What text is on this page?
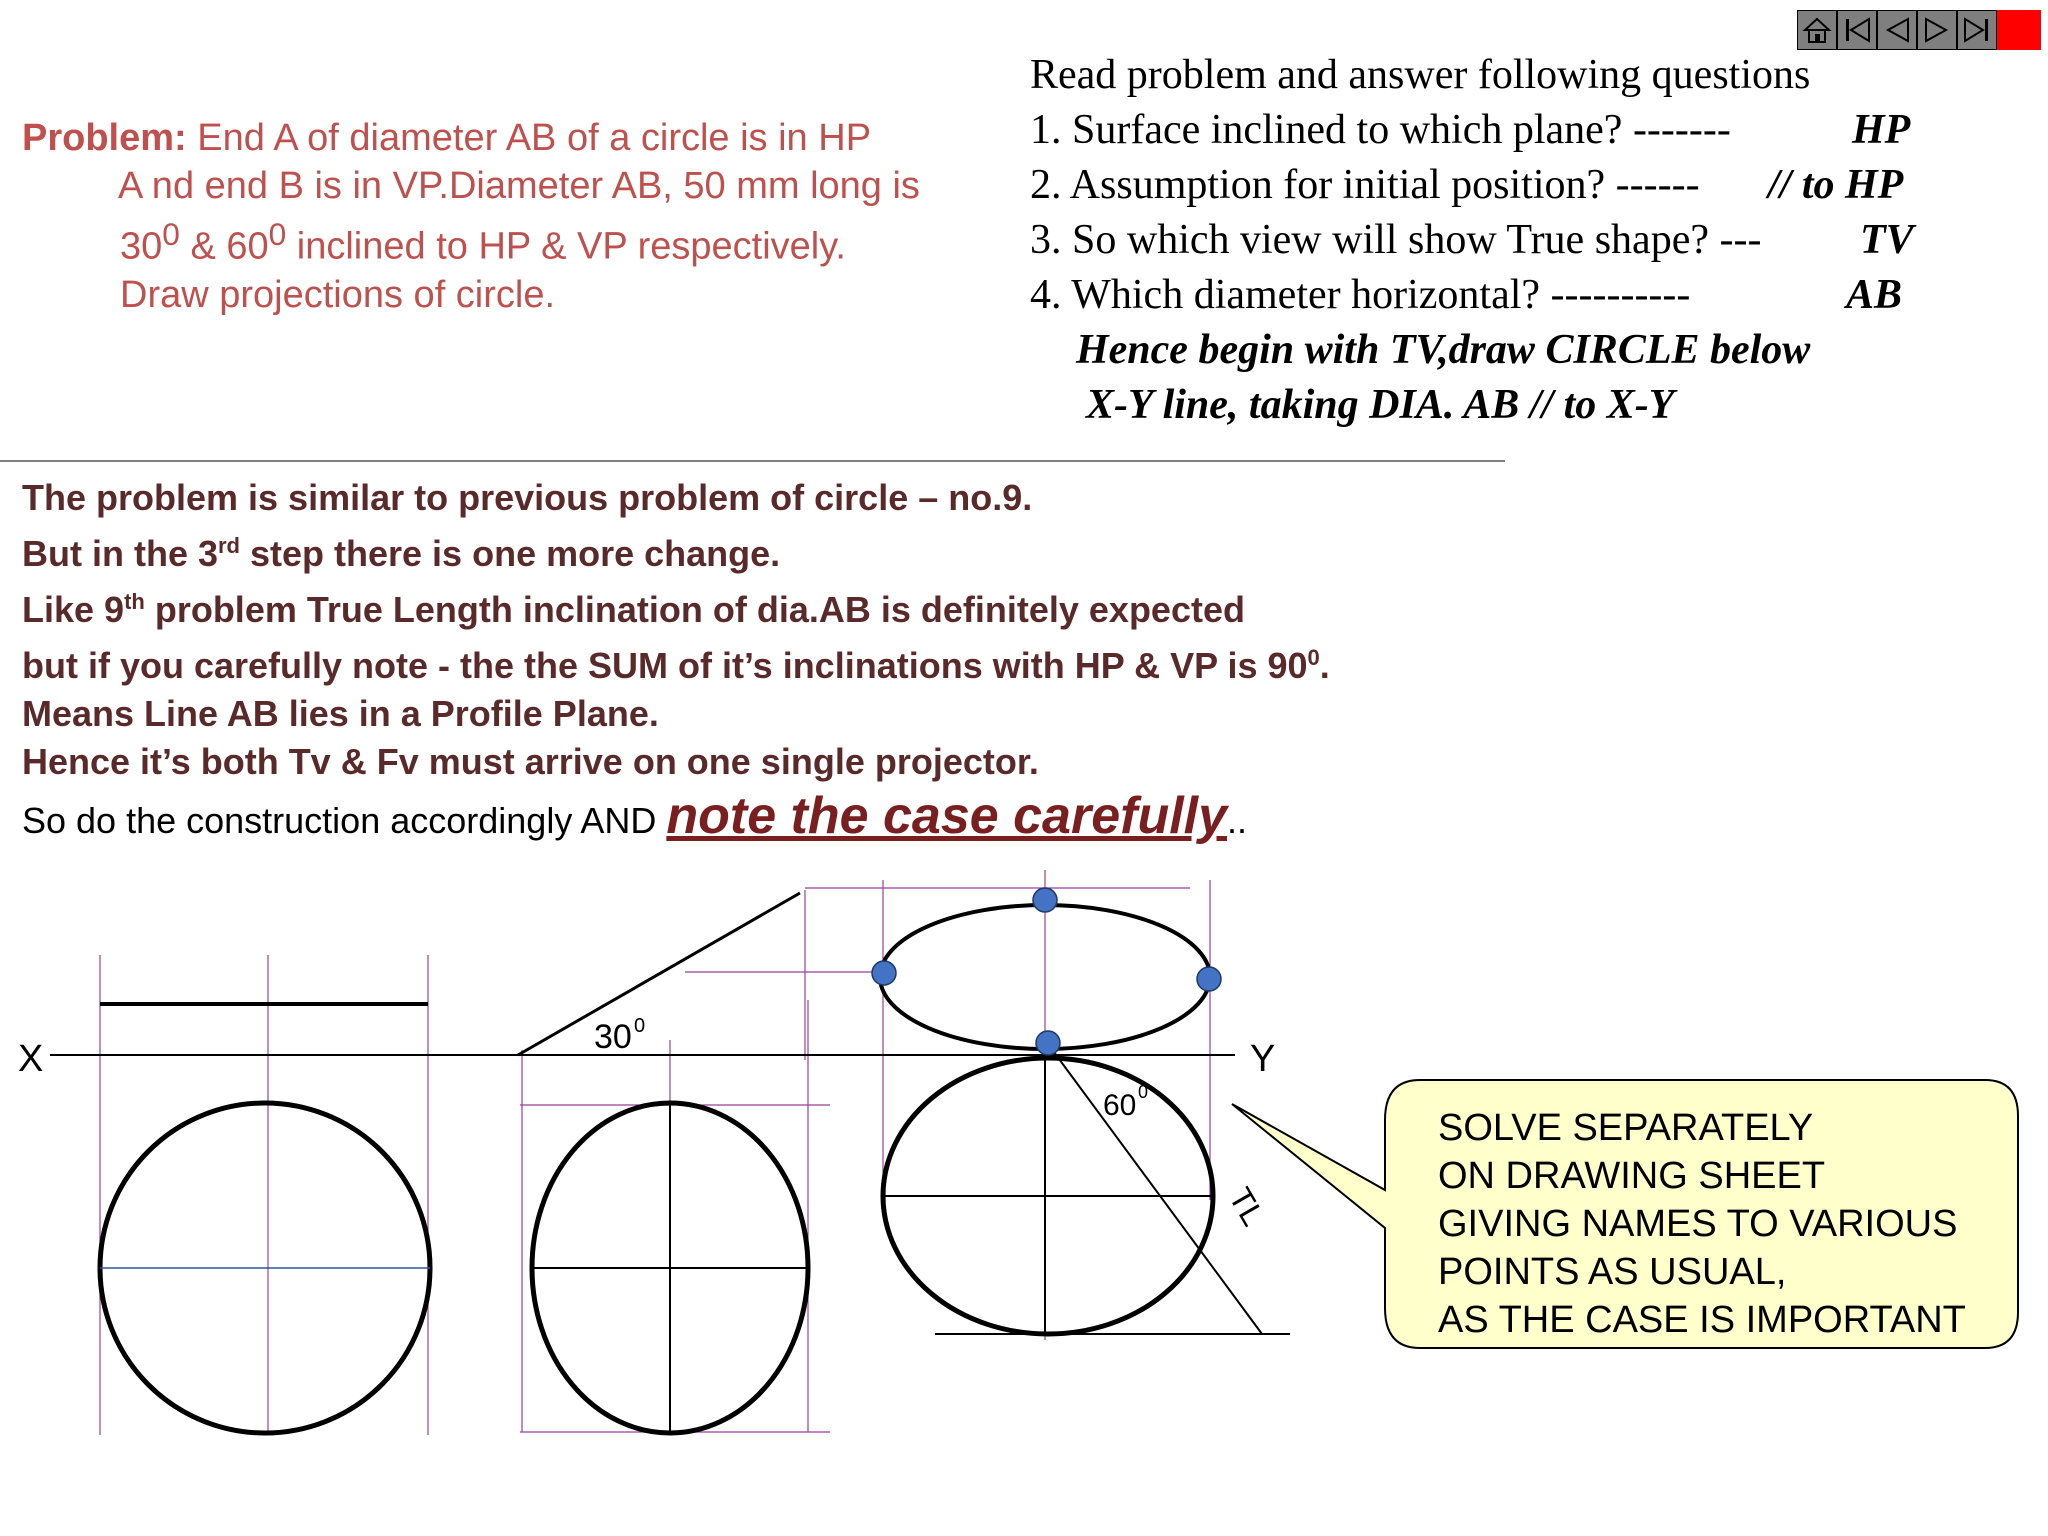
Problem: End A of diameter AB of a circle is in HP
A nd end B is in VP.Diameter AB, 50 mm long is
$30^0$ & $60^0$ inclined to HP & VP respectively.
Draw projections of circle.
Read problem and answer following questions
1. Surface inclined to which plane? -------	HP
2. Assumption for initial position? ------ // to HP
3. So which view will show True shape? --- TV
4. Which diameter horizontal? ----------	AB
Hence begin with TV,draw CIRCLE below
X-Y line, taking DIA. AB // to X-Y
The problem is similar to previous problem of circle – no.9.
But in the 3rd step there is one more change.
Like 9th problem True Length inclination of dia.AB is definitely expected
but if you carefully note - the the SUM of it’s inclinations with HP & VP is $90^0$.
Means Line AB lies in a Profile Plane.
Hence it’s both Tv & Fv must arrive on one single projector.
So do the construction accordingly AND note the case carefully..
X	Y
30 0
60 0
TL
SOLVE SEPARATELY
ON DRAWING SHEET
GIVING NAMES TO VARIOUS
POINTS AS USUAL,
AS THE CASE IS IMPORTANT
